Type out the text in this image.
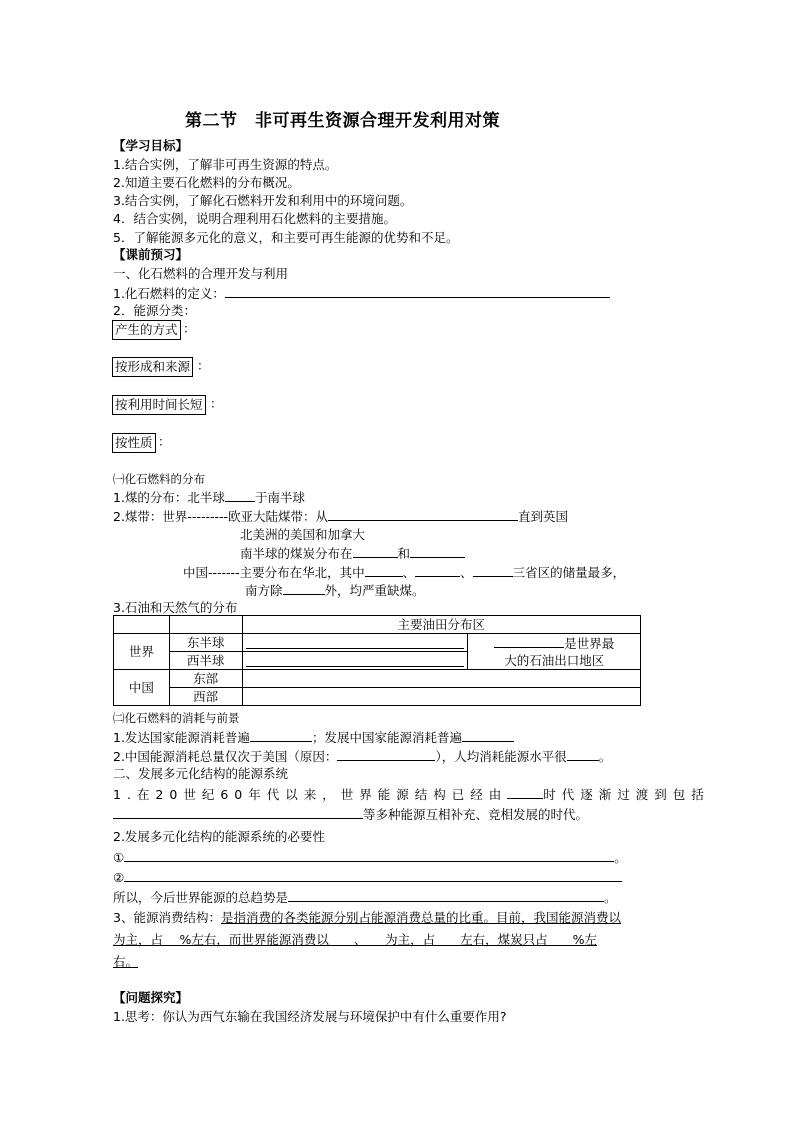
第二节　非可再生资源合理开发利用对策
【学习目标】
1.结合实例，了解非可再生资源的特点。
2.知道主要石化燃料的分布概况。
3.结合实例，了解化石燃料开发和利用中的环境问题。
4．结合实例，说明合理利用石化燃料的主要措施。
5．了解能源多元化的意义，和主要可再生能源的优势和不足。
【课前预习】
一、化石燃料的合理开发与利用
1.化石燃料的定义：
2．能源分类：
产生的方式 ：
按形成和来源 ：
按利用时间长短 ：
按性质 ：
㈠化石燃料的分布
1.煤的分布：北半球 于南半球
2.煤带：世界---------欧亚大陆煤带：从	直到英国
北美洲的美国和加拿大
南半球的煤炭分布在	和
中国-------主要分布在华北，其中	、	、	三省区的储量最多，
南方除	外，均严重缺煤。
3.石油和天然气的分布
		主要油田分布区	
世界	东半球		是世界最
大的石油出口地区

	西半球		

中国	东部		
	西部		
㈡化石燃料的消耗与前景
1.发达国家能源消耗普遍	；发展中国家能源消耗普遍
2.中国能源消耗总量仅次于美国（原因：	），人均消耗能源水平很	。
二、发展多元化结构的能源系统
1.在20世纪60年代以来，世界能源结构已经由	时代逐渐过渡到包括
等多种能源互相补充、竞相发展的时代。
2.发展多元化结构的能源系统的必要性
①	。
②
所以，今后世界能源的总趋势是	。
3、能源消费结构：是指消费的各类能源分别占能源消费总量的比重。目前，我国能源消费以
为主，占　 %左右，而世界能源消费以　　、　　为主，占　　左右，煤炭只占　　%左
右。
【问题探究】
1.思考：你认为西气东输在我国经济发展与环境保护中有什么重要作用?
